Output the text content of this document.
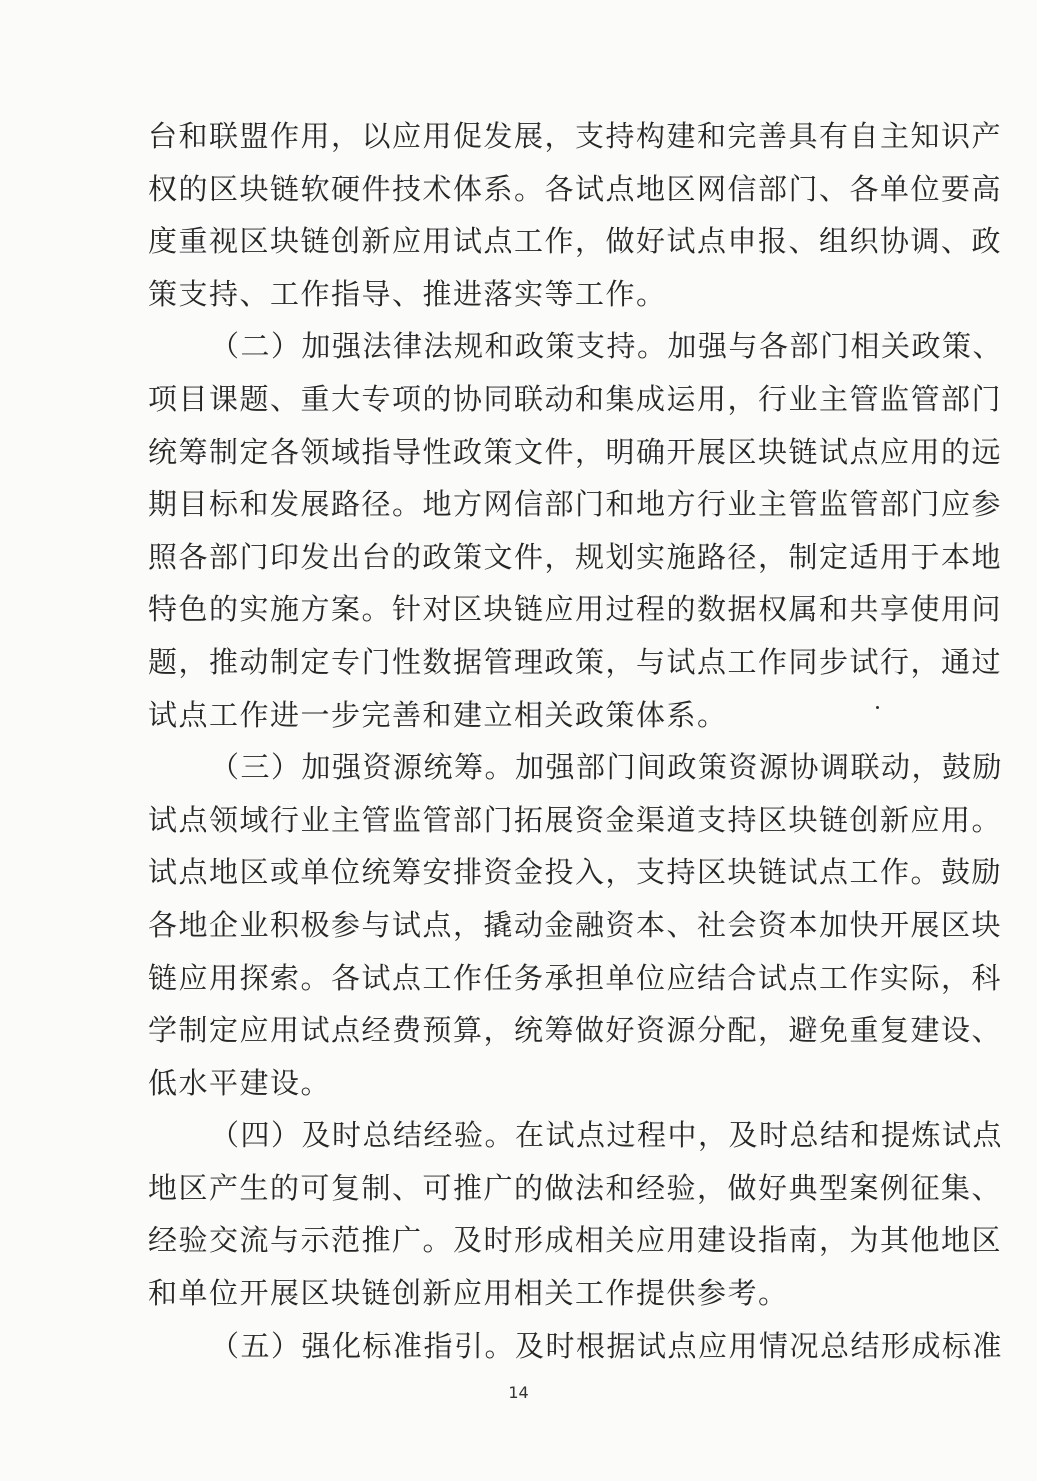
台和联盟作用，以应用促发展，支持构建和完善具有自主知识产
权的区块链软硬件技术体系。各试点地区网信部门、各单位要高
度重视区块链创新应用试点工作，做好试点申报、组织协调、政
策支持、工作指导、推进落实等工作。
（二）加强法律法规和政策支持。加强与各部门相关政策、
项目课题、重大专项的协同联动和集成运用，行业主管监管部门
统筹制定各领域指导性政策文件，明确开展区块链试点应用的远
期目标和发展路径。地方网信部门和地方行业主管监管部门应参
照各部门印发出台的政策文件，规划实施路径，制定适用于本地
特色的实施方案。针对区块链应用过程的数据权属和共享使用问
题，推动制定专门性数据管理政策，与试点工作同步试行，通过
试点工作进一步完善和建立相关政策体系。
（三）加强资源统筹。加强部门间政策资源协调联动，鼓励
试点领域行业主管监管部门拓展资金渠道支持区块链创新应用。
试点地区或单位统筹安排资金投入，支持区块链试点工作。鼓励
各地企业积极参与试点，撬动金融资本、社会资本加快开展区块
链应用探索。各试点工作任务承担单位应结合试点工作实际，科
学制定应用试点经费预算，统筹做好资源分配，避免重复建设、
低水平建设。
（四）及时总结经验。在试点过程中，及时总结和提炼试点
地区产生的可复制、可推广的做法和经验，做好典型案例征集、
经验交流与示范推广。及时形成相关应用建设指南，为其他地区
和单位开展区块链创新应用相关工作提供参考。
（五）强化标准指引。及时根据试点应用情况总结形成标准
14
